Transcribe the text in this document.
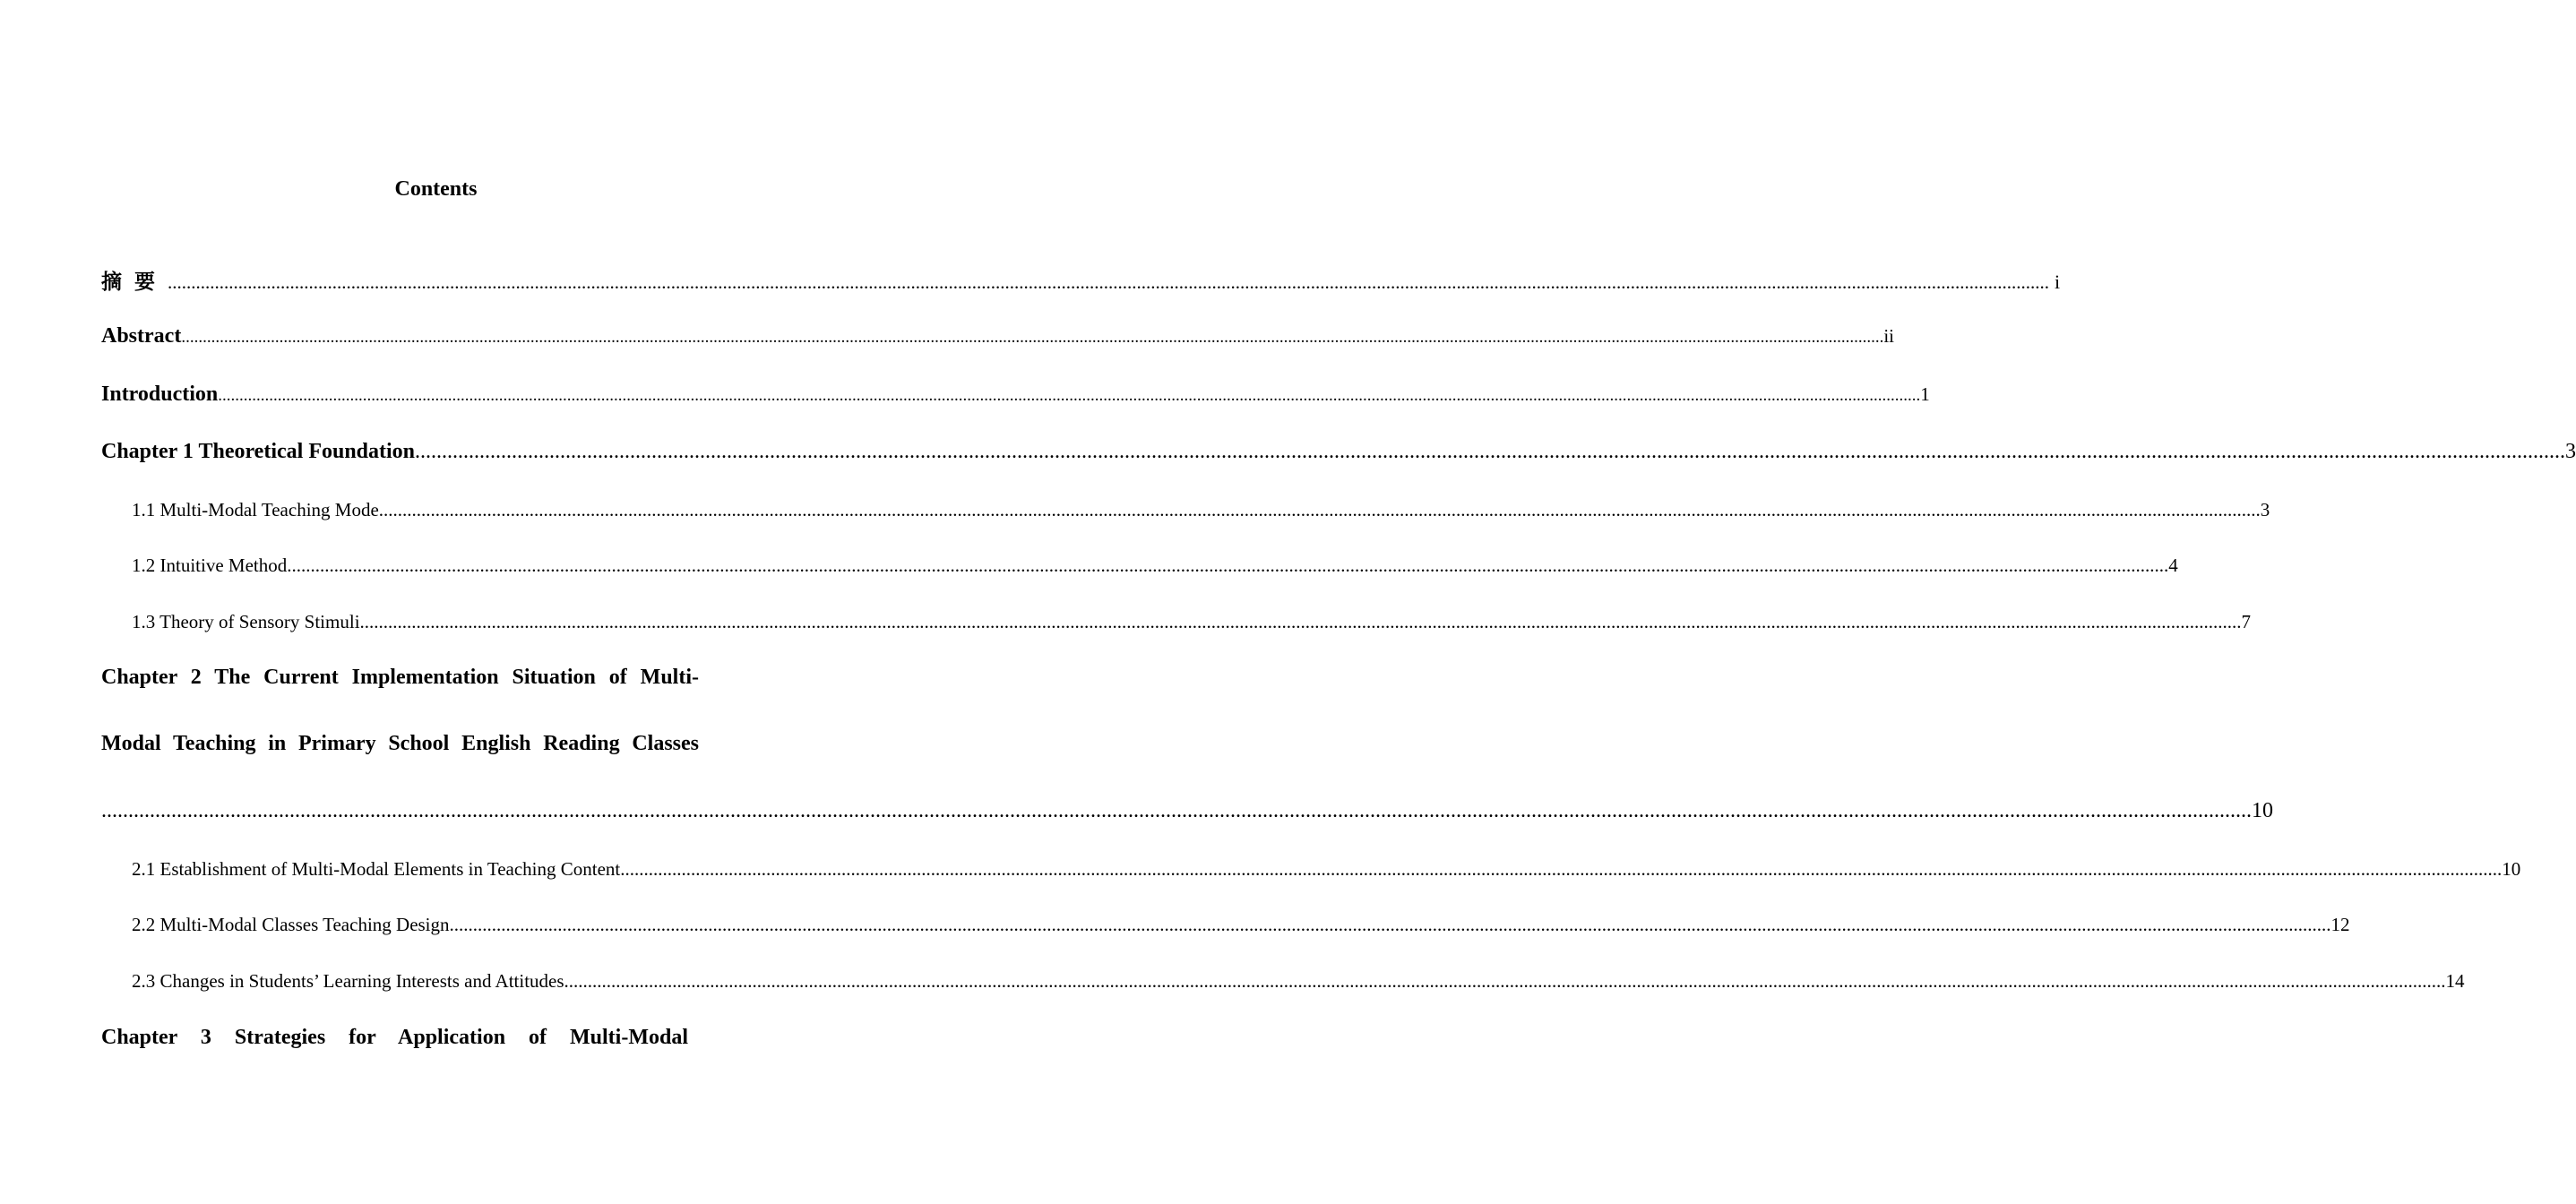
Contents
摘要 ................................................................................................................................................................................................................................................................................................................................................................................................................ i
Abstract ................................................................................................................................................................................................................................................................................................................................................................................................................ ii
Introduction ................................................................................................................................................................................................................................................................................................................................................................................................................ 1
Chapter 1 Theoretical Foundation ................................................................................................................................................................................................................................................................................................................................................................................................................ 3
1.1 Multi-Modal Teaching Mode ................................................................................................................................................................................................................................................................................................................................................................................................................ 3
1.2 Intuitive Method ................................................................................................................................................................................................................................................................................................................................................................................................................ 4
1.3 Theory of Sensory Stimuli ................................................................................................................................................................................................................................................................................................................................................................................................................ 7
Chapter 2 The Current Implementation Situation of Multi-
Modal Teaching in Primary School English Reading Classes
................................................................................................................................................................................................................................................................................................................................................................................................................ 10
2.1 Establishment of Multi-Modal Elements in Teaching Content ................................................................................................................................................................................................................................................................................................................................................................................................................ 10
2.2 Multi-Modal Classes Teaching Design ................................................................................................................................................................................................................................................................................................................................................................................................................ 12
2.3 Changes in Students’ Learning Interests and Attitudes ................................................................................................................................................................................................................................................................................................................................................................................................................ 14
Chapter 3 Strategies for Application of Multi-Modal
